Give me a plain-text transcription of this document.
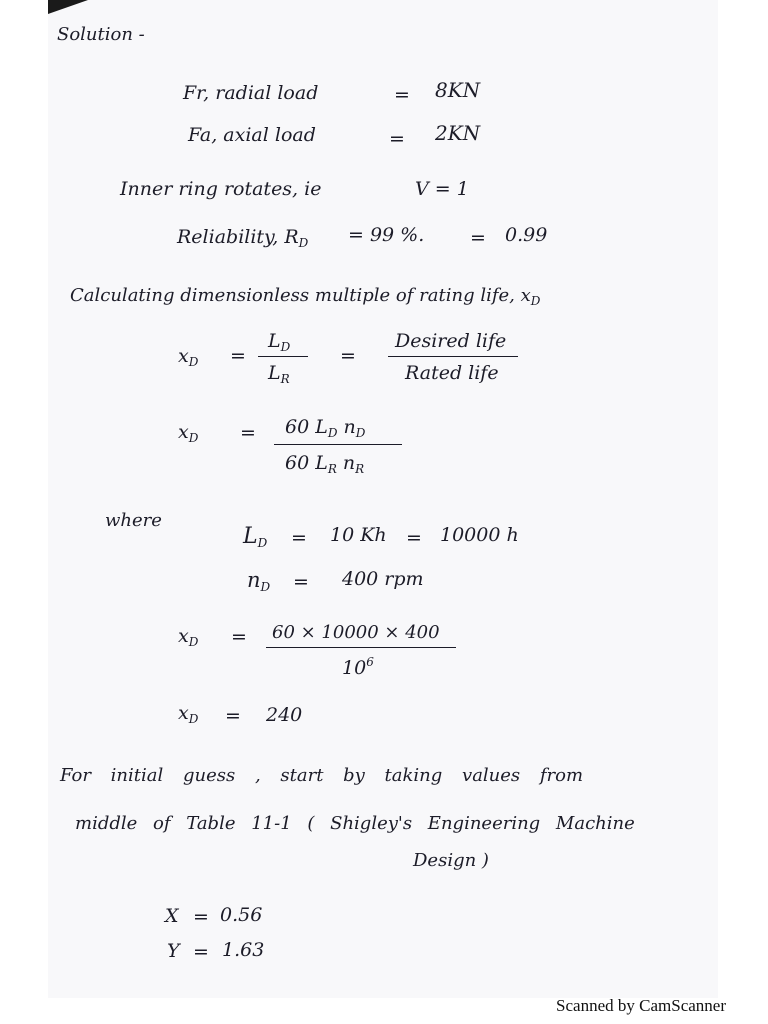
Solution -
Fr, radial load	= 8KN
Fa, axial load	= 2KN
Inner ring rotates, ie	V = 1
Reliability, $R_D = 99$ %. = 0.99
Calculating dimensionless multiple of rating life, $x_D$
$x_D$ =
$L_D$
$L_R$
=
Desired life
Rated life
$x_D = 60$ $L_D$ $n_D$
60 $L_R$ $n_R$
where
$L_D = 10$ Kh = 10000 h
$n_D = 400$ rpm
$x_D = 60 \times 10000 \times 400$
$10^6$
$x_D = 240$
For initial guess , start by taking values from
middle of Table 11-1 ( Shigley's Engineering Machine
Design )
X = 0.56
Y = 1.63
Scanned by CamScanner
